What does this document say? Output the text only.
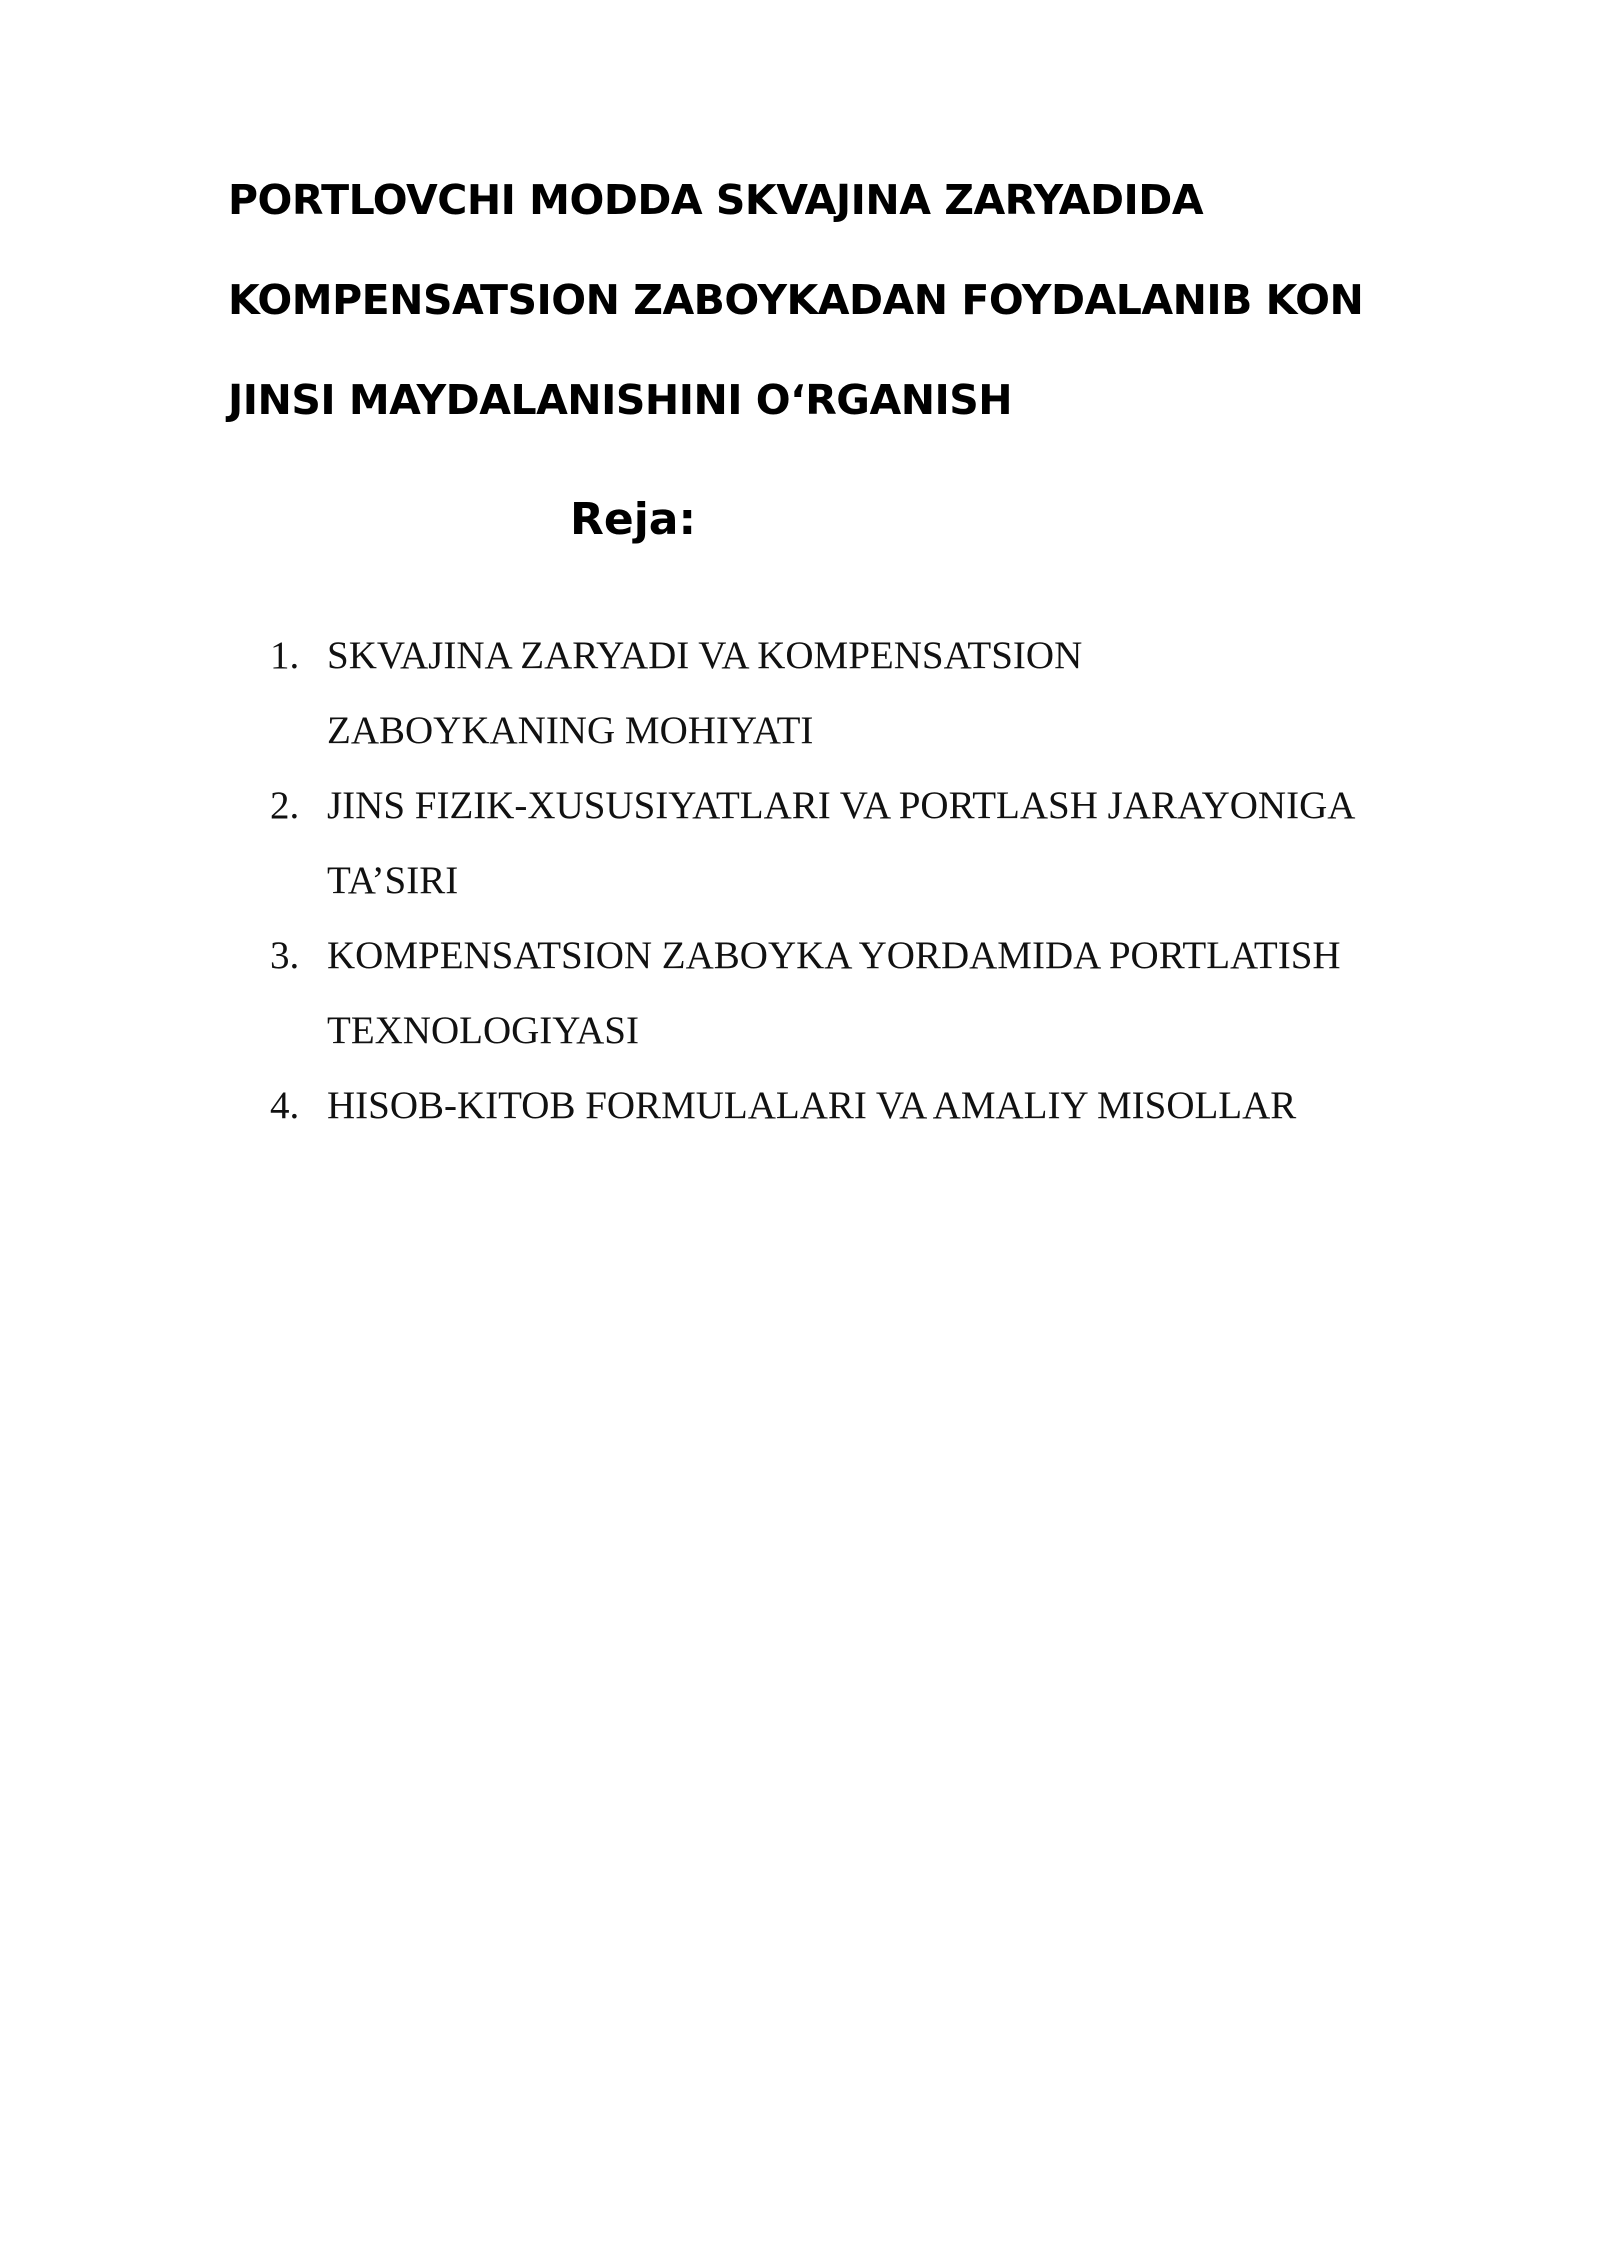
PORTLOVCHI MODDA SKVAJINA ZARYADIDA
KOMPENSATSION ZABOYKADAN FOYDALANIB KON
JINSI MAYDALANISHINI O‘RGANISH
Reja:
1. SKVAJINA ZARYADI VA KOMPENSATSION
ZABOYKANING MOHIYATI
2. JINS FIZIK-XUSUSIYATLARI VA PORTLASH JARAYONIGA
TA’SIRI
3. KOMPENSATSION ZABOYKA YORDAMIDA PORTLATISH
TEXNOLOGIYASI
4. HISOB-KITOB FORMULALARI VA AMALIY MISOLLAR
